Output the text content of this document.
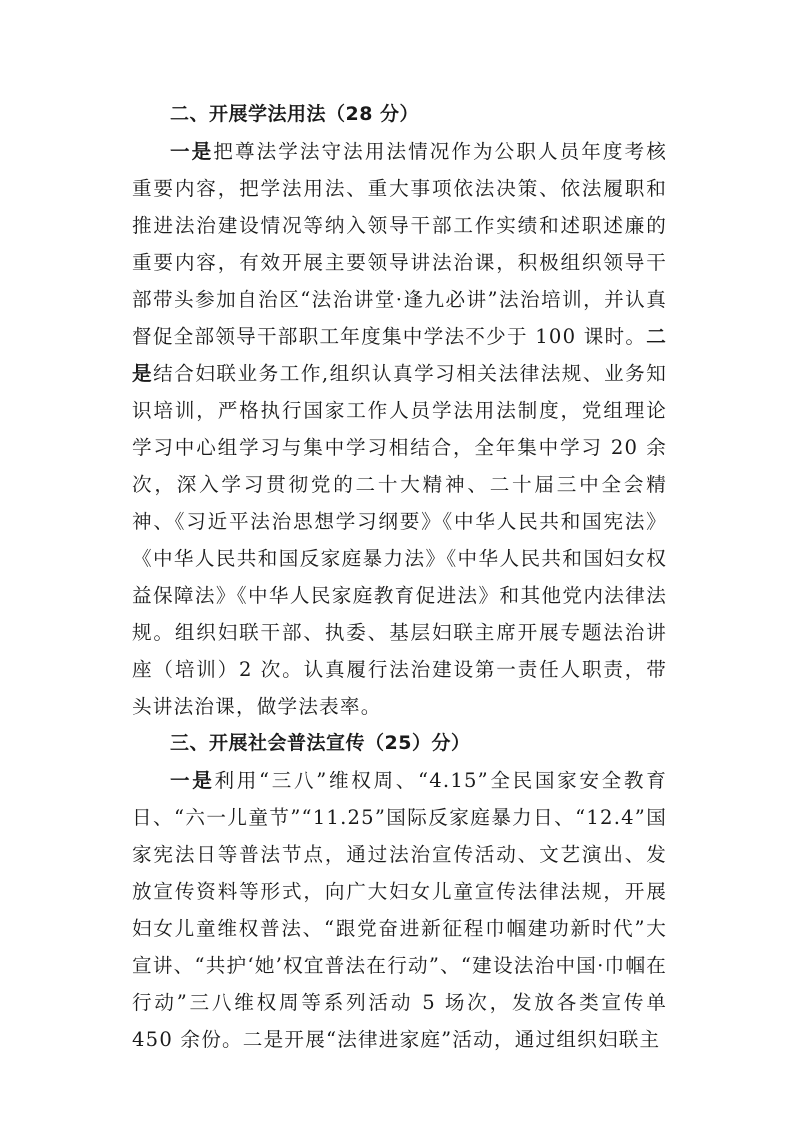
二、开展学法用法（28 分）

一是把尊法学法守法用法情况作为公职人员年度考核重要内容，把学法用法、重大事项依法决策、依法履职和推进法治建设情况等纳入领导干部工作实绩和述职述廉的重要内容，有效开展主要领导讲法治课，积极组织领导干部带头参加自治区“法治讲堂·逢九必讲”法治培训，并认真督促全部领导干部职工年度集中学法不少于 100 课时。二是结合妇联业务工作,组织认真学习相关法律法规、业务知识培训，严格执行国家工作人员学法用法制度，党组理论学习中心组学习与集中学习相结合，全年集中学习 20 余次，深入学习贯彻党的二十大精神、二十届三中全会精神、《习近平法治思想学习纲要》《中华人民共和国宪法》《中华人民共和国反家庭暴力法》《中华人民共和国妇女权益保障法》《中华人民家庭教育促进法》和其他党内法律法规。组织妇联干部、执委、基层妇联主席开展专题法治讲座（培训）2 次。认真履行法治建设第一责任人职责，带头讲法治课，做学法表率。

三、开展社会普法宣传（25）分）

一是利用“三八”维权周、“4.15”全民国家安全教育日、“六一儿童节”“11.25”国际反家庭暴力日、“12.4”国家宪法日等普法节点，通过法治宣传活动、文艺演出、发放宣传资料等形式，向广大妇女儿童宣传法律法规，开展妇女儿童维权普法、“跟党奋进新征程巾帼建功新时代”大宣讲、“共护‘她’权宜普法在行动”、“建设法治中国·巾帼在行动”三八维权周等系列活动 5 场次，发放各类宣传单 450 余份。二是开展“法律进家庭”活动，通过组织妇联主
